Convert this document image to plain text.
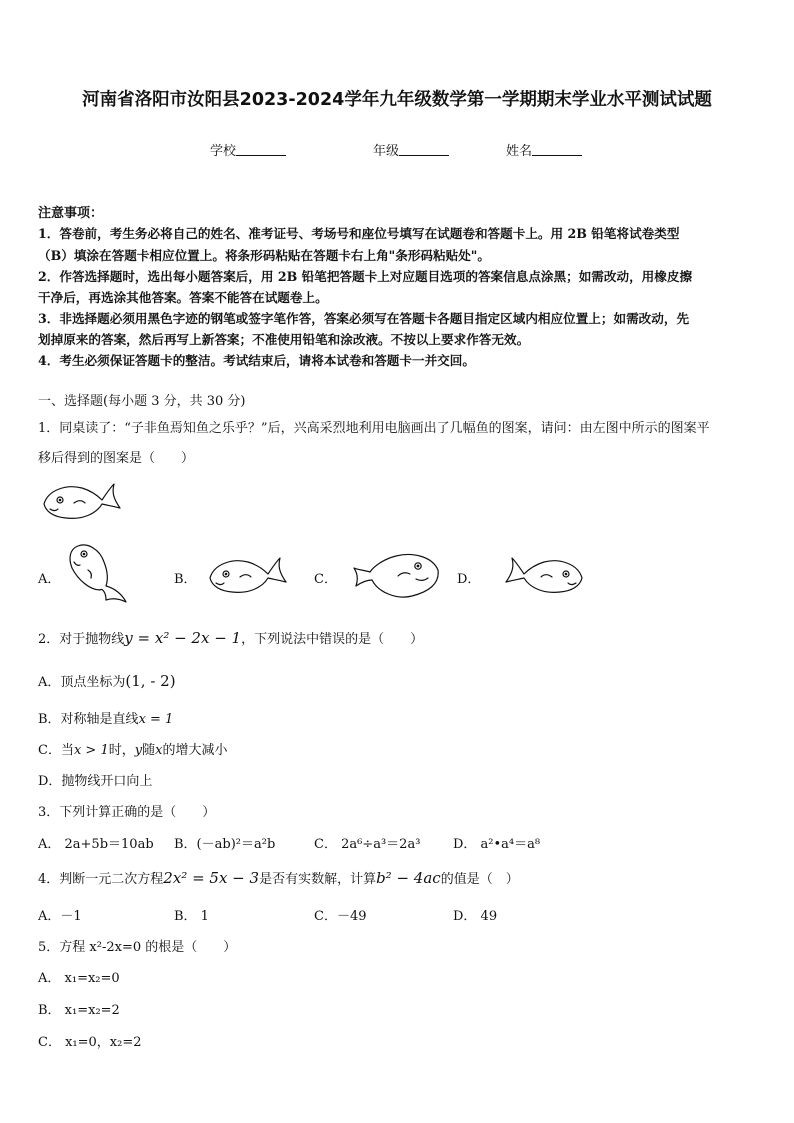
河南省洛阳市汝阳县2023-2024学年九年级数学第一学期期末学业水平测试试题
学校	年级	姓名
注意事项：
1．答卷前，考生务必将自己的姓名、准考证号、考场号和座位号填写在试题卷和答题卡上。用 2B 铅笔将试卷类型
（B）填涂在答题卡相应位置上。将条形码粘贴在答题卡右上角"条形码粘贴处"。
2．作答选择题时，选出每小题答案后，用 2B 铅笔把答题卡上对应题目选项的答案信息点涂黑；如需改动，用橡皮擦
干净后，再选涂其他答案。答案不能答在试题卷上。
3．非选择题必须用黑色字迹的钢笔或签字笔作答，答案必须写在答题卡各题目指定区域内相应位置上；如需改动，先
划掉原来的答案，然后再写上新答案；不准使用铅笔和涂改液。不按以上要求作答无效。
4．考生必须保证答题卡的整洁。考试结束后，请将本试卷和答题卡一并交回。
一、选择题(每小题 3 分，共 30 分)
1．同桌读了：“子非鱼焉知鱼之乐乎？”后，兴高采烈地利用电脑画出了几幅鱼的图案，请问：由左图中所示的图案平
移后得到的图案是（　　）
A．	B．	C．	D．
2．对于抛物线y = x² − 2x − 1，下列说法中错误的是（　　）
A．顶点坐标为(1, - 2)
B．对称轴是直线x = 1
C．当x > 1时，y随x的增大减小
D．抛物线开口向上
3．下列计算正确的是（　　）
A． 2a+5b＝10ab B．(－ab)²＝a²b	C． 2a⁶÷a³＝2a³	D． a²•a⁴＝a⁸
4．判断一元二次方程2x² = 5x − 3是否有实数解，计算b² − 4ac的值是（　）
A．－1	B． 1	C．－49	D． 49
5．方程 x²-2x=0 的根是（　　）
A． x₁=x₂=0
B． x₁=x₂=2
C． x₁=0，x₂=2
